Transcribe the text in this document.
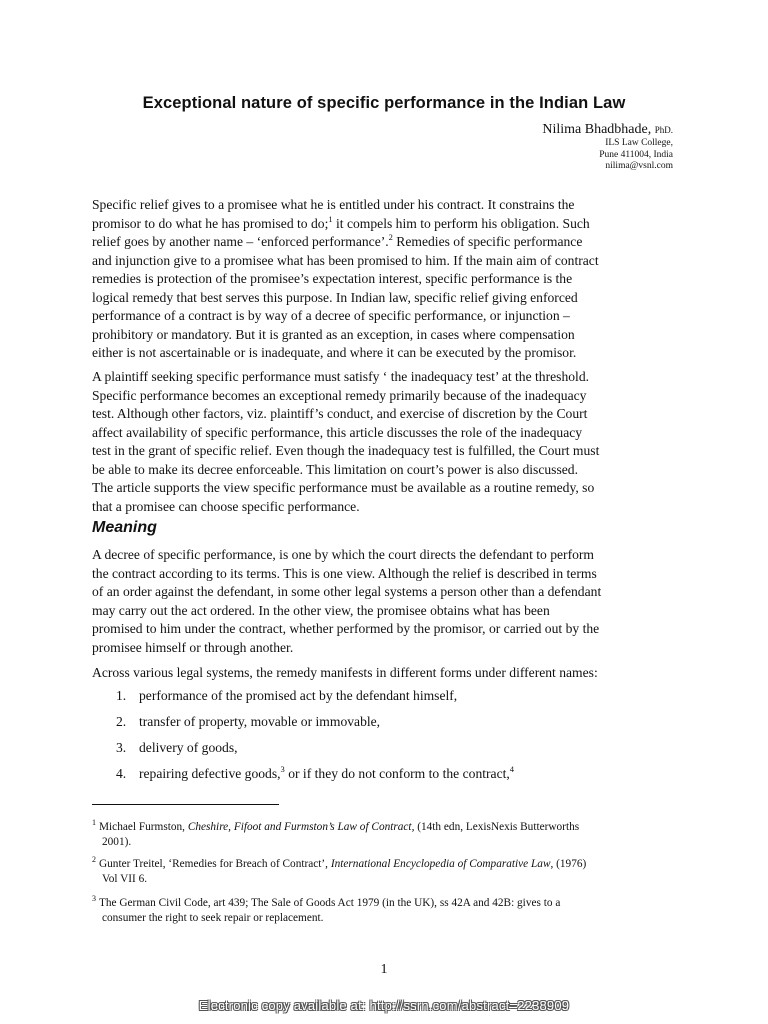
Exceptional nature of specific performance in the Indian Law
Nilima Bhadbhade, PhD.
ILS Law College,
Pune 411004, India
nilima@vsnl.com
Specific relief gives to a promisee what he is entitled under his contract. It constrains the
promisor to do what he has promised to do;$^1$ it compels him to perform his obligation. Such
relief goes by another name – ‘enforced performance’.$^2$ Remedies of specific performance
and injunction give to a promisee what has been promised to him. If the main aim of contract
remedies is protection of the promisee’s expectation interest, specific performance is the
logical remedy that best serves this purpose. In Indian law, specific relief giving enforced
performance of a contract is by way of a decree of specific performance, or injunction –
prohibitory or mandatory. But it is granted as an exception, in cases where compensation
either is not ascertainable or is inadequate, and where it can be executed by the promisor.
A plaintiff seeking specific performance must satisfy ‘ the inadequacy test’ at the threshold.
Specific performance becomes an exceptional remedy primarily because of the inadequacy
test. Although other factors, viz. plaintiff’s conduct, and exercise of discretion by the Court
affect availability of specific performance, this article discusses the role of the inadequacy
test in the grant of specific relief. Even though the inadequacy test is fulfilled, the Court must
be able to make its decree enforceable. This limitation on court’s power is also discussed.
The article supports the view specific performance must be available as a routine remedy, so
that a promisee can choose specific performance.
Meaning
A decree of specific performance, is one by which the court directs the defendant to perform
the contract according to its terms. This is one view. Although the relief is described in terms
of an order against the defendant, in some other legal systems a person other than a defendant
may carry out the act ordered. In the other view, the promisee obtains what has been
promised to him under the contract, whether performed by the promisor, or carried out by the
promisee himself or through another.
Across various legal systems, the remedy manifests in different forms under different names:
1. performance of the promised act by the defendant himself,
2. transfer of property, movable or immovable,
3. delivery of goods,
4. repairing defective goods,$^3$ or if they do not conform to the contract,$^4$
$^1$ Michael Furmston, Cheshire, Fifoot and Furmston’s Law of Contract, (14th edn, LexisNexis Butterworths
2001).
$^2$ Gunter Treitel, ‘Remedies for Breach of Contract’, International Encyclopedia of Comparative Law, (1976)
Vol VII 6.
$^3$ The German Civil Code, art 439; The Sale of Goods Act 1979 (in the UK), ss 42A and 42B: gives to a
consumer the right to seek repair or replacement.
1
Electronic copy available at: http://ssrn.com/abstract=2238909
